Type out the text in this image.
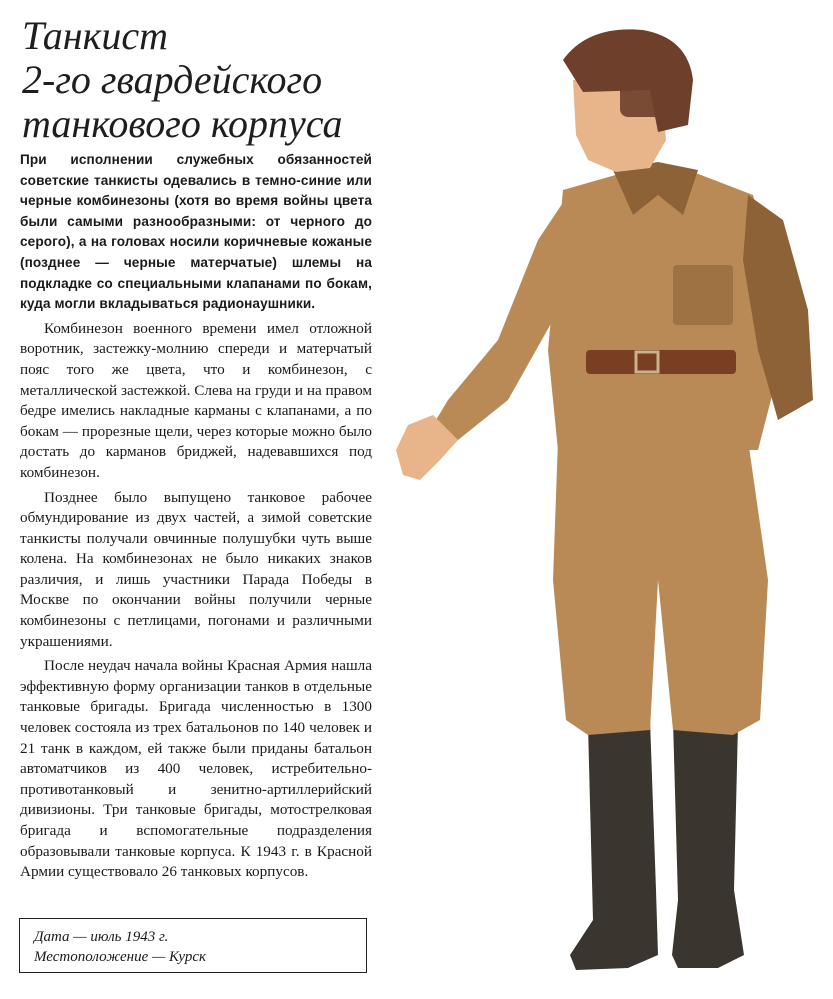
Танкист
2-го гвардейского
танкового корпуса

При исполнении служебных обязанностей советские танкисты одевались в темно-синие или черные комбинезоны (хотя во время войны цвета были самыми разнообразными: от черного до серого), а на головах носили коричневые кожаные (позднее — черные матерчатые) шлемы на подкладке со специальными клапанами по бокам, куда могли вкладываться радионаушники.

Комбинезон военного времени имел отложной воротник, застежку-молнию спереди и матерчатый пояс того же цвета, что и комбинезон, с металлической застежкой. Слева на груди и на правом бедре имелись накладные карманы с клапанами, а по бокам — прорезные щели, через которые можно было достать до карманов бриджей, надевавшихся под комбинезон.

Позднее было выпущено танковое рабочее обмундирование из двух частей, а зимой советские танкисты получали овчинные полушубки чуть выше колена. На комбинезонах не было никаких знаков различия, и лишь участники Парада Победы в Москве по окончании войны получили черные комбинезоны с петлицами, погонами и различными украшениями.

После неудач начала войны Красная Армия нашла эффективную форму организации танков в отдельные танковые бригады. Бригада численностью в 1300 человек состояла из трех батальонов по 140 человек и 21 танк в каждом, ей также были приданы батальон автоматчиков из 400 человек, истребительно-противотанковый и зенитно-артиллерийский дивизионы. Три танковые бригады, мотострелковая бригада и вспомогательные подразделения образовывали танковые корпуса. К 1943 г. в Красной Армии существовало 26 танковых корпусов.

Дата — июль 1943 г.
Местоположение — Курск
